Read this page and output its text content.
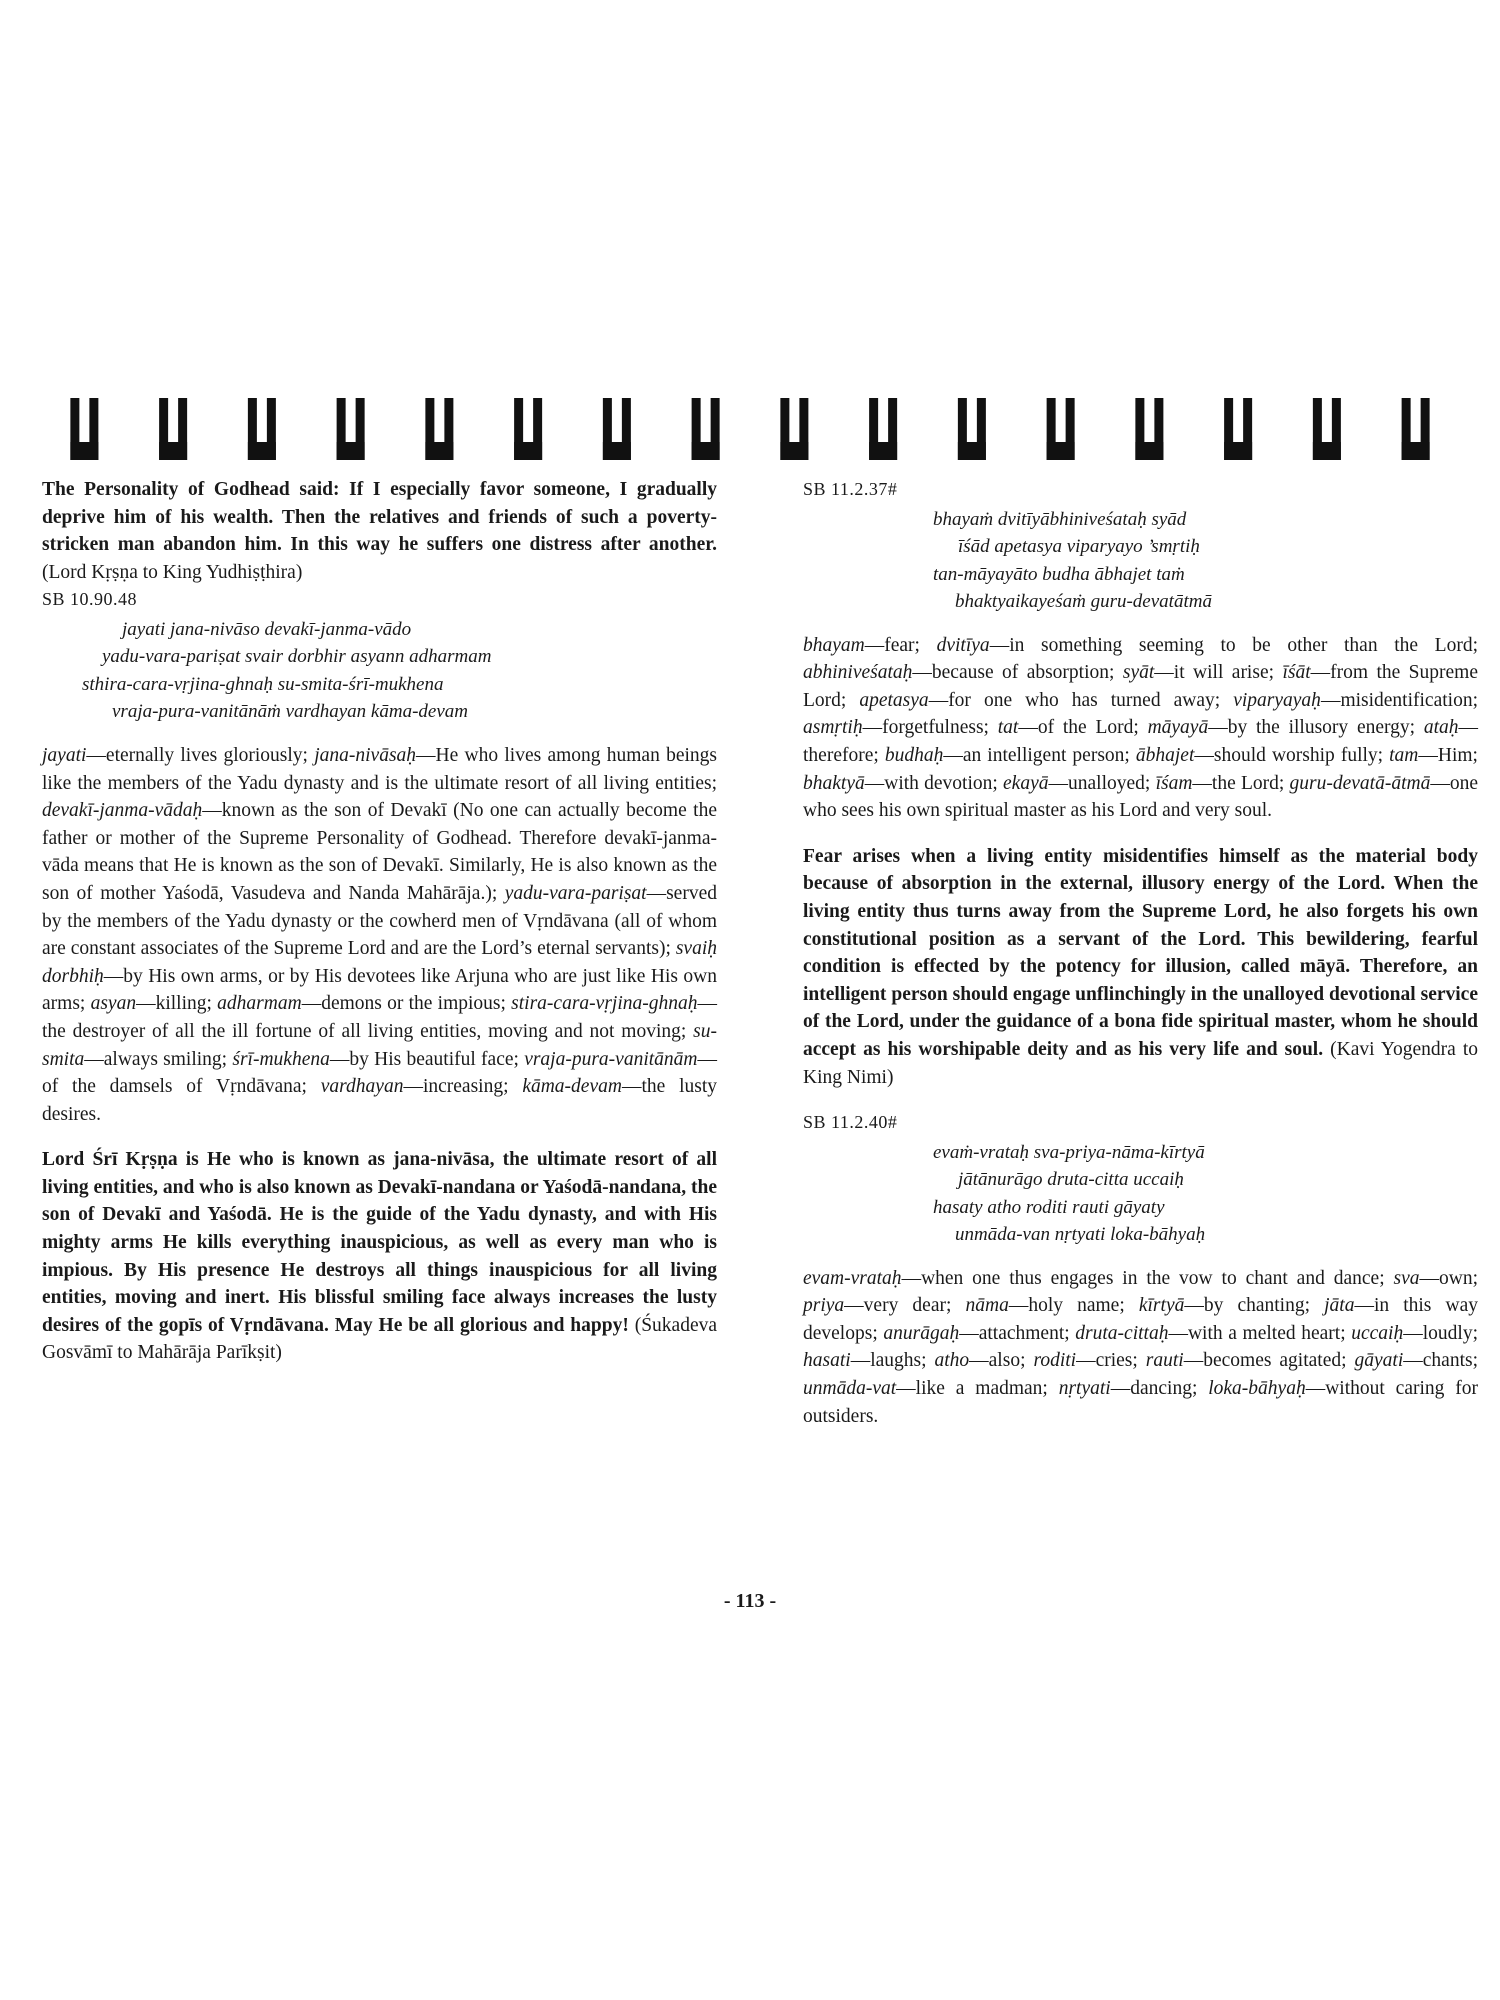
The Personality of Godhead said: If I especially favor someone, I gradually deprive him of his wealth. Then the relatives and friends of such a poverty-stricken man abandon him. In this way he suffers one distress after another. (Lord Kṛṣṇa to King Yudhiṣṭhira)

SB 10.90.48

jayati jana-nivāso devakī-janma-vādo
yadu-vara-pariṣat svair dorbhir asyann adharmam
sthira-cara-vṛjina-ghnaḥ su-smita-śrī-mukhena
vraja-pura-vanitānāṁ vardhayan kāma-devam

jayati—eternally lives gloriously; jana-nivāsaḥ—He who lives among human beings like the members of the Yadu dynasty and is the ultimate resort of all living entities; devakī-janma-vādaḥ—known as the son of Devakī (No one can actually become the father or mother of the Supreme Personality of Godhead. Therefore devakī-janma-vāda means that He is known as the son of Devakī. Similarly, He is also known as the son of mother Yaśodā, Vasudeva and Nanda Mahārāja.); yadu-vara-pariṣat—served by the members of the Yadu dynasty or the cowherd men of Vṛndāvana (all of whom are constant associates of the Supreme Lord and are the Lord’s eternal servants); svaiḥ dorbhiḥ—by His own arms, or by His devotees like Arjuna who are just like His own arms; asyan—killing; adharmam—demons or the impious; stira-cara-vṛjina-ghnaḥ—the destroyer of all the ill fortune of all living entities, moving and not moving; su-smita—always smiling; śrī-mukhena—by His beautiful face; vraja-pura-vanitānām—of the damsels of Vṛndāvana; vardhayan—increasing; kāma-devam—the lusty desires.

Lord Śrī Kṛṣṇa is He who is known as jana-nivāsa, the ultimate resort of all living entities, and who is also known as Devakī-nandana or Yaśodā-nandana, the son of Devakī and Yaśodā. He is the guide of the Yadu dynasty, and with His mighty arms He kills everything inauspicious, as well as every man who is impious. By His presence He destroys all things inauspicious for all living entities, moving and inert. His blissful smiling face always increases the lusty desires of the gopīs of Vṛndāvana. May He be all glorious and happy! (Śukadeva Gosvāmī to Mahārāja Parīkṣit)

SB 11.2.37#

bhayaṁ dvitīyābhiniveśataḥ syād
īśād apetasya viparyayo ’smṛtiḥ
tan-māyayāto budha ābhajet taṁ
bhaktyaikayeśaṁ guru-devatātmā

bhayam—fear; dvitīya—in something seeming to be other than the Lord; abhiniveśataḥ—because of absorption; syāt—it will arise; īśāt—from the Supreme Lord; apetasya—for one who has turned away; viparyayaḥ—misidentification; asmṛtiḥ—forgetfulness; tat—of the Lord; māyayā—by the illusory energy; ataḥ—therefore; budhaḥ—an intelligent person; ābhajet—should worship fully; tam—Him; bhaktyā—with devotion; ekayā—unalloyed; īśam—the Lord; guru-devatā-ātmā—one who sees his own spiritual master as his Lord and very soul.

Fear arises when a living entity misidentifies himself as the material body because of absorption in the external, illusory energy of the Lord. When the living entity thus turns away from the Supreme Lord, he also forgets his own constitutional position as a servant of the Lord. This bewildering, fearful condition is effected by the potency for illusion, called māyā. Therefore, an intelligent person should engage unflinchingly in the unalloyed devotional service of the Lord, under the guidance of a bona fide spiritual master, whom he should accept as his worshipable deity and as his very life and soul. (Kavi Yogendra to King Nimi)

SB 11.2.40#

evaṁ-vrataḥ sva-priya-nāma-kīrtyā
jātānurāgo druta-citta uccaiḥ
hasaty atho roditi rauti gāyaty
unmāda-van nṛtyati loka-bāhyaḥ

evam-vrataḥ—when one thus engages in the vow to chant and dance; sva—own; priya—very dear; nāma—holy name; kīrtyā—by chanting; jāta—in this way develops; anurāgaḥ—attachment; druta-cittaḥ—with a melted heart; uccaiḥ—loudly; hasati—laughs; atho—also; roditi—cries; rauti—becomes agitated; gāyati—chants; unmāda-vat—like a madman; nṛtyati—dancing; loka-bāhyaḥ—without caring for outsiders.

- 113 -
